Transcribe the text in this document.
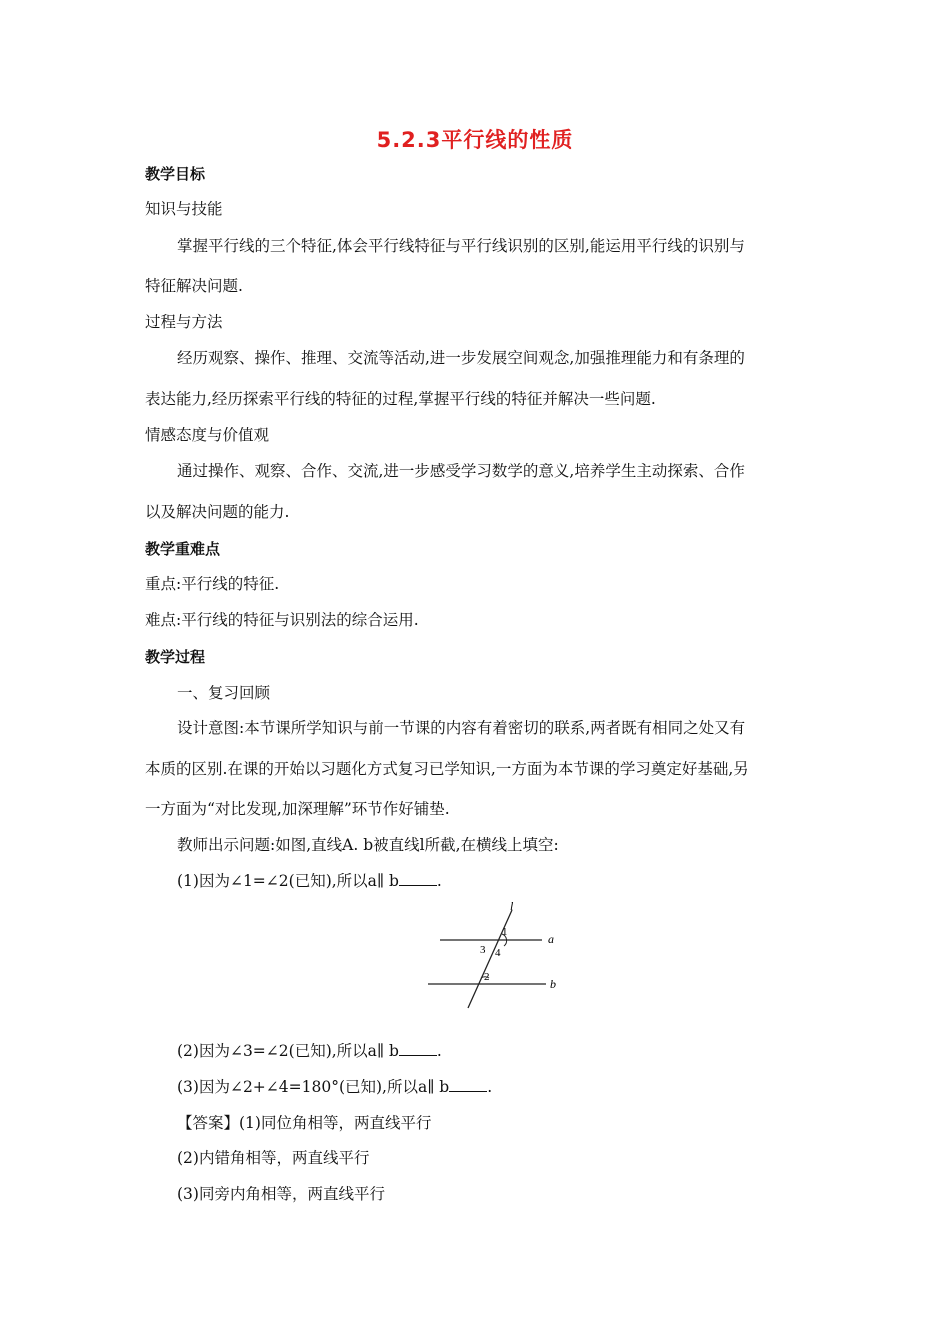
5.2.3平行线的性质
教学目标
知识与技能
掌握平行线的三个特征,体会平行线特征与平行线识别的区别,能运用平行线的识别与
特征解决问题.
过程与方法
经历观察、操作、推理、交流等活动,进一步发展空间观念,加强推理能力和有条理的
表达能力,经历探索平行线的特征的过程,掌握平行线的特征并解决一些问题.
情感态度与价值观
通过操作、观察、合作、交流,进一步感受学习数学的意义,培养学生主动探索、合作
以及解决问题的能力.
教学重难点
重点:平行线的特征.
难点:平行线的特征与识别法的综合运用.
教学过程
一、复习回顾
设计意图:本节课所学知识与前一节课的内容有着密切的联系,两者既有相同之处又有
本质的区别.在课的开始以习题化方式复习已学知识,一方面为本节课的学习奠定好基础,另
一方面为“对比发现,加深理解”环节作好铺垫.
教师出示问题:如图,直线A. b被直线l所截,在横线上填空:
(1)因为∠1=∠2(已知),所以a∥ b .
l
a
b
1
2
3 4
(2)因为∠3=∠2(已知),所以a∥ b .
(3)因为∠2+∠4=180°(已知),所以a∥ b .
【答案】(1)同位角相等，两直线平行
(2)内错角相等，两直线平行
(3)同旁内角相等，两直线平行
